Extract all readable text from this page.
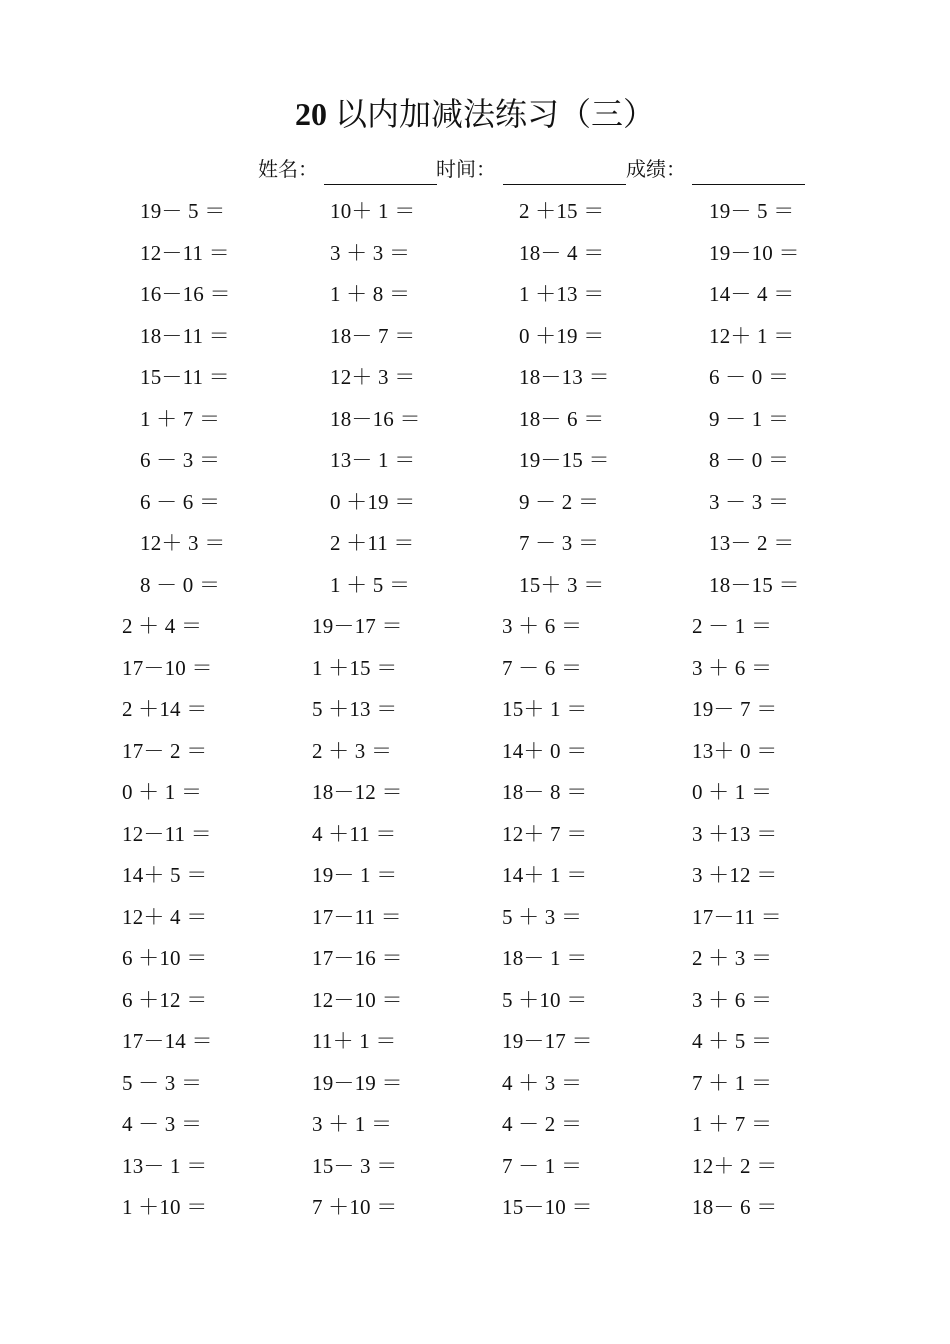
20 以内加减法练习（三）
姓名：	时间：	成绩：
19－ 5 ＝	10＋ 1 ＝	2 ＋15 ＝	19－ 5 ＝
12－11 ＝	3 ＋ 3 ＝	18－ 4 ＝	19－10 ＝
16－16 ＝	1 ＋ 8 ＝	1 ＋13 ＝	14－ 4 ＝
18－11 ＝	18－ 7 ＝	0 ＋19 ＝	12＋ 1 ＝
15－11 ＝	12＋ 3 ＝	18－13 ＝	6 － 0 ＝
1 ＋ 7 ＝	18－16 ＝	18－ 6 ＝	9 － 1 ＝
6 － 3 ＝	13－ 1 ＝	19－15 ＝	8 － 0 ＝
6 － 6 ＝	0 ＋19 ＝	9 － 2 ＝	3 － 3 ＝
12＋ 3 ＝	2 ＋11 ＝	7 － 3 ＝	13－ 2 ＝
8 － 0 ＝	1 ＋ 5 ＝	15＋ 3 ＝	18－15 ＝
2 ＋ 4 ＝	19－17 ＝	3 ＋ 6 ＝	2 － 1 ＝
17－10 ＝	1 ＋15 ＝	7 － 6 ＝	3 ＋ 6 ＝
2 ＋14 ＝	5 ＋13 ＝	15＋ 1 ＝	19－ 7 ＝
17－ 2 ＝	2 ＋ 3 ＝	14＋ 0 ＝	13＋ 0 ＝
0 ＋ 1 ＝	18－12 ＝	18－ 8 ＝	0 ＋ 1 ＝
12－11 ＝	4 ＋11 ＝	12＋ 7 ＝	3 ＋13 ＝
14＋ 5 ＝	19－ 1 ＝	14＋ 1 ＝	3 ＋12 ＝
12＋ 4 ＝	17－11 ＝	5 ＋ 3 ＝	17－11 ＝
6 ＋10 ＝	17－16 ＝	18－ 1 ＝	2 ＋ 3 ＝
6 ＋12 ＝	12－10 ＝	5 ＋10 ＝	3 ＋ 6 ＝
17－14 ＝	11＋ 1 ＝	19－17 ＝	4 ＋ 5 ＝
5 － 3 ＝	19－19 ＝	4 ＋ 3 ＝	7 ＋ 1 ＝
4 － 3 ＝	3 ＋ 1 ＝	4 － 2 ＝	1 ＋ 7 ＝
13－ 1 ＝	15－ 3 ＝	7 － 1 ＝	12＋ 2 ＝
1 ＋10 ＝	7 ＋10 ＝	15－10 ＝	18－ 6 ＝
